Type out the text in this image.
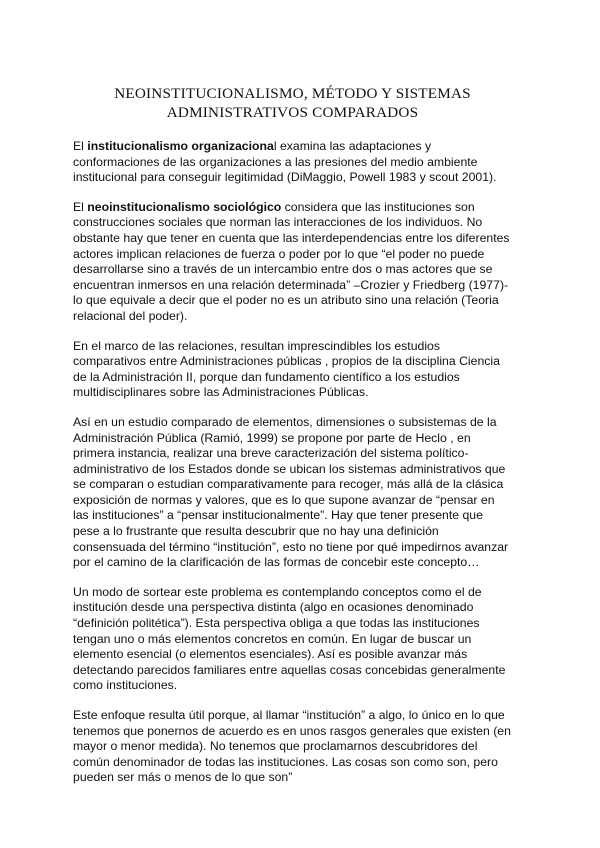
NEOINSTITUCIONALISMO, MÉTODO Y SISTEMAS
ADMINISTRATIVOS COMPARADOS

El institucionalismo organizacional examina las adaptaciones y conformaciones de las organizaciones a las presiones del medio ambiente institucional para conseguir legitimidad (DiMaggio, Powell 1983 y scout 2001).

El neoinstitucionalismo sociológico considera que las instituciones son construcciones sociales que norman las interacciones de los individuos. No obstante hay que tener en cuenta que las interdependencias entre los diferentes actores implican relaciones de fuerza o poder por lo que “el poder no puede desarrollarse sino a través de un intercambio entre dos o mas actores que se encuentran inmersos en una relación determinada” –Crozier y Friedberg (1977)- lo que equivale a decir que el poder no es un atributo sino una relación (Teoria relacional del poder).

En el marco de las relaciones, resultan imprescindibles los estudios comparativos entre Administraciones públicas , propios de la disciplina Ciencia de la Administración II, porque dan fundamento científico a los estudios multidisciplinares sobre las Administraciones Públicas.

Así en un estudio comparado de elementos, dimensiones o subsistemas de la Administración Pública (Ramió, 1999) se propone por parte de Heclo , en primera instancia, realizar una breve caracterización del sistema político-administrativo de los Estados donde se ubican los sistemas administrativos que se comparan o estudian comparativamente para recoger, más allá de la clásica exposición de normas y valores, que es lo que supone avanzar de “pensar en las instituciones” a “pensar institucionalmente”. Hay que tener presente que pese a lo frustrante que resulta descubrir que no hay una definición consensuada del término “institución”, esto no tiene por qué impedirnos avanzar por el camino de la clarificación de las formas de concebir este concepto…

Un modo de sortear este problema es contemplando conceptos como el de institución desde una perspectiva distinta (algo en ocasiones denominado “definición politética”). Esta perspectiva obliga a que todas las instituciones tengan uno o más elementos concretos en común. En lugar de buscar un elemento esencial (o elementos esenciales). Así es posible avanzar más detectando parecidos familiares entre aquellas cosas concebidas generalmente como instituciones.

Este enfoque resulta útil porque, al llamar “institución” a algo, lo único en lo que tenemos que ponernos de acuerdo es en unos rasgos generales que existen (en mayor o menor medida). No tenemos que proclamarnos descubridores del común denominador de todas las instituciones. Las cosas son como son, pero pueden ser más o menos de lo que son”
